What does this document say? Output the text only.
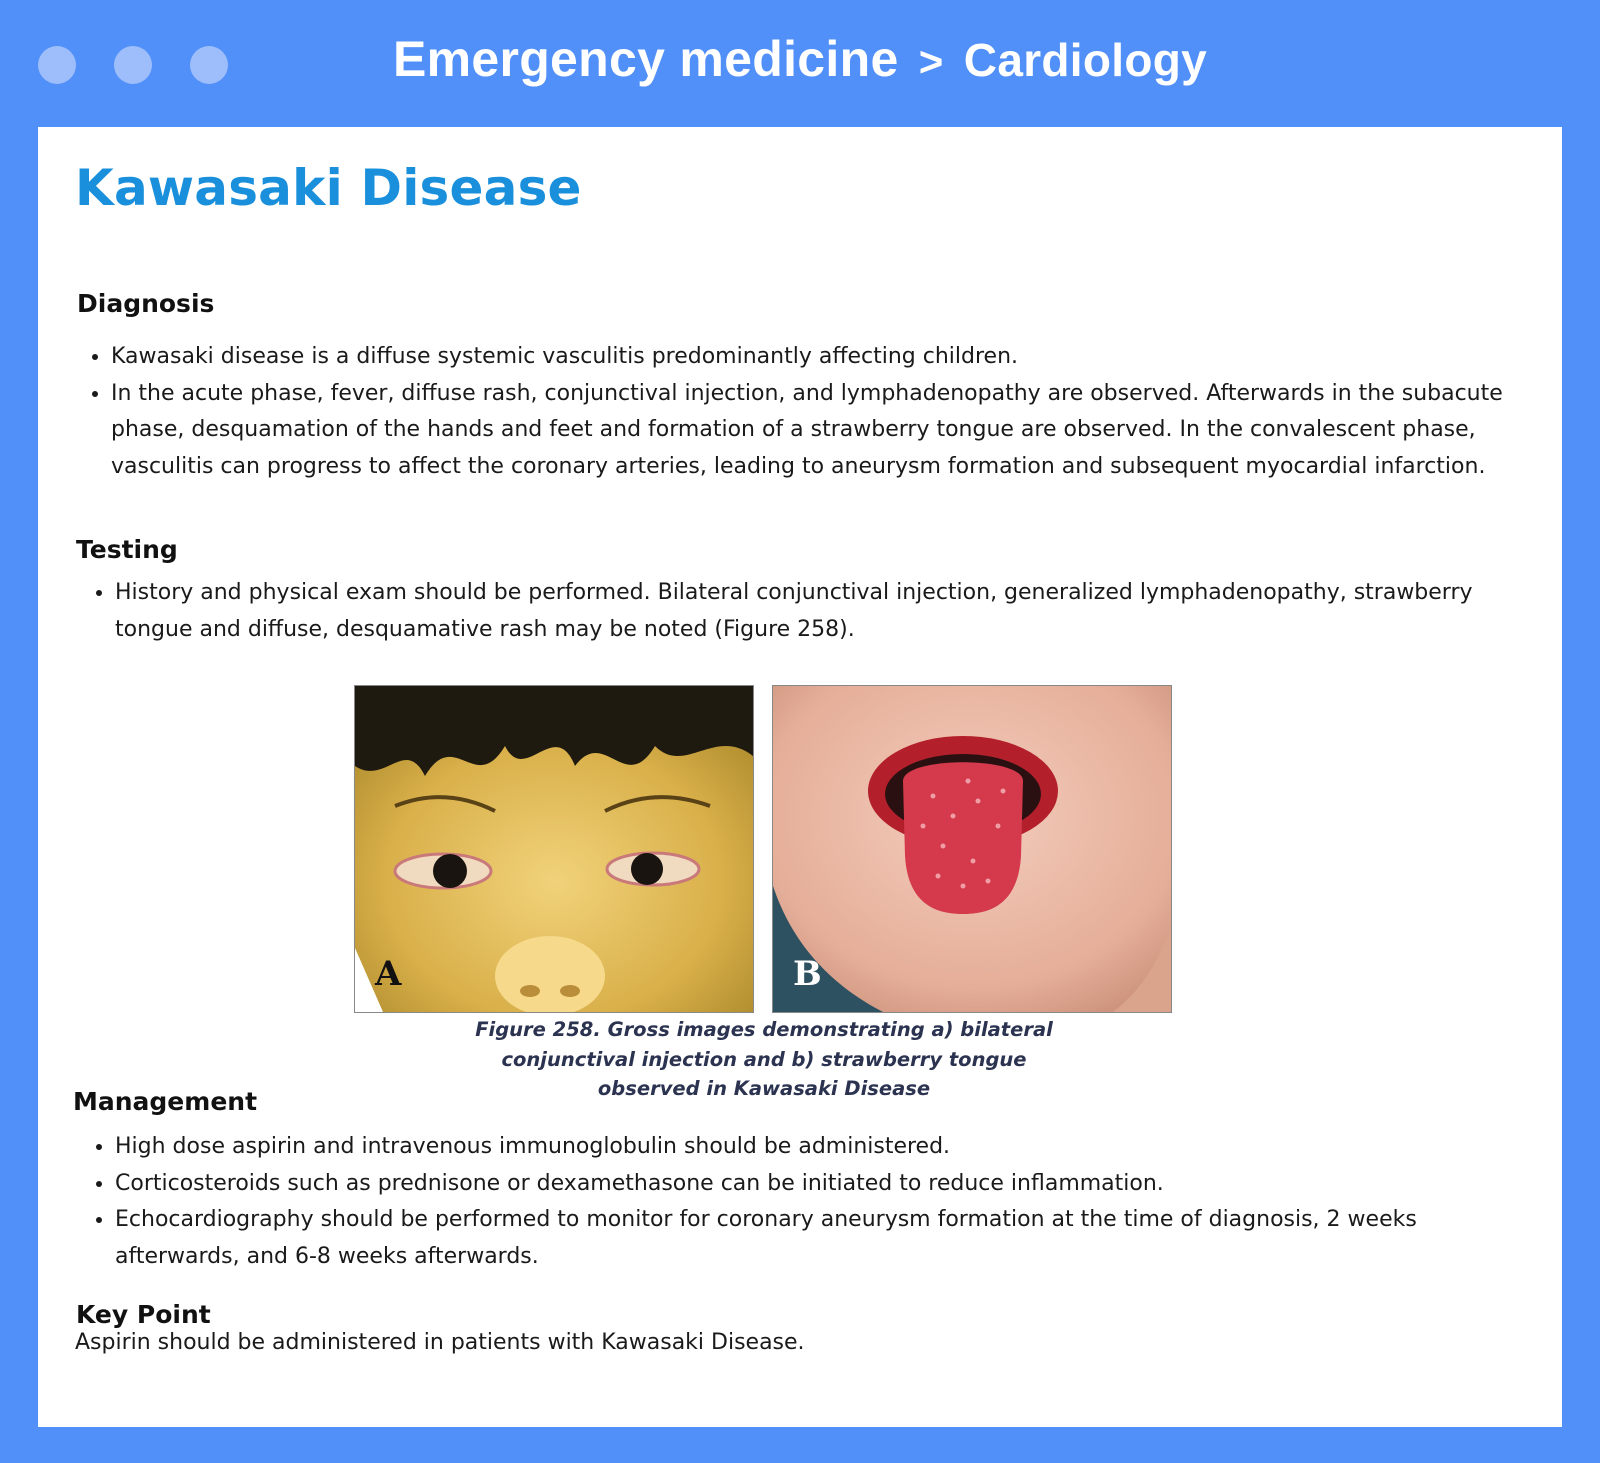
Emergency medicine > Cardiology
Kawasaki Disease
Diagnosis
• Kawasaki disease is a diffuse systemic vasculitis predominantly affecting children.
• In the acute phase, fever, diffuse rash, conjunctival injection, and lymphadenopathy are observed. Afterwards in the subacute phase, desquamation of the hands and feet and formation of a strawberry tongue are observed. In the convalescent phase, vasculitis can progress to affect the coronary arteries, leading to aneurysm formation and subsequent myocardial infarction.
Testing
• History and physical exam should be performed. Bilateral conjunctival injection, generalized lymphadenopathy, strawberry tongue and diffuse, desquamative rash may be noted (Figure 258).
A	B

Figure 258. Gross images demonstrating a) bilateral
conjunctival injection and b) strawberry tongue
observed in Kawasaki Disease

Management
• High dose aspirin and intravenous immunoglobulin should be administered.
• Corticosteroids such as prednisone or dexamethasone can be initiated to reduce inflammation.
• Echocardiography should be performed to monitor for coronary aneurysm formation at the time of diagnosis, 2 weeks afterwards, and 6-8 weeks afterwards.
Key Point

Aspirin should be administered in patients with Kawasaki Disease.
